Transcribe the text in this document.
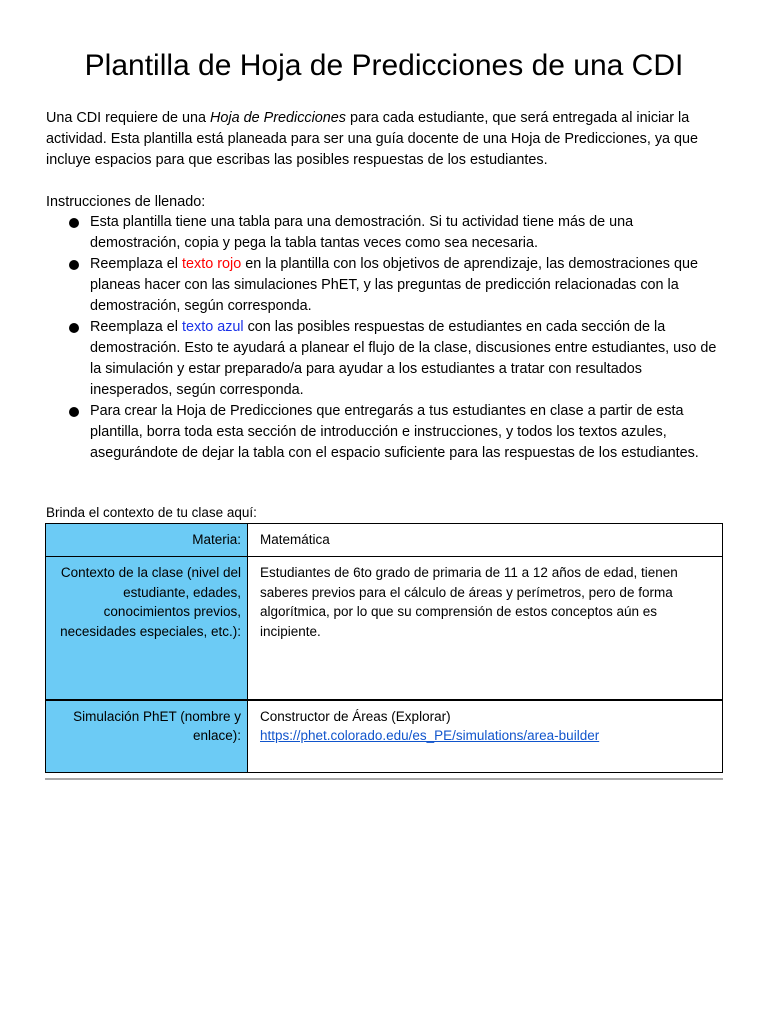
Plantilla de Hoja de Predicciones de una CDI
Una CDI requiere de una Hoja de Predicciones para cada estudiante, que será entregada al iniciar la actividad. Esta plantilla está planeada para ser una guía docente de una Hoja de Predicciones, ya que incluye espacios para que escribas las posibles respuestas de los estudiantes.
Instrucciones de llenado:
Esta plantilla tiene una tabla para una demostración. Si tu actividad tiene más de una demostración, copia y pega la tabla tantas veces como sea necesaria.
Reemplaza el texto rojo en la plantilla con los objetivos de aprendizaje, las demostraciones que planeas hacer con las simulaciones PhET, y las preguntas de predicción relacionadas con la demostración, según corresponda.
Reemplaza el texto azul con las posibles respuestas de estudiantes en cada sección de la demostración. Esto te ayudará a planear el flujo de la clase, discusiones entre estudiantes, uso de la simulación y estar preparado/a para ayudar a los estudiantes a tratar con resultados inesperados, según corresponda.
Para crear la Hoja de Predicciones que entregarás a tus estudiantes en clase a partir de esta plantilla, borra toda esta sección de introducción e instrucciones, y todos los textos azules, asegurándote de dejar la tabla con el espacio suficiente para las respuestas de los estudiantes.
Brinda el contexto de tu clase aquí:
Materia:	Matemática
Contexto de la clase (nivel del estudiante, edades, conocimientos previos, necesidades especiales, etc.):	Estudiantes de 6to grado de primaria de 11 a 12 años de edad, tienen saberes previos para el cálculo de áreas y perímetros, pero de forma algorítmica, por lo que su comprensión de estos conceptos aún es incipiente.
Simulación PhET (nombre y enlace):	Constructor de Áreas (Explorar)
https://phet.colorado.edu/es_PE/simulations/area-builder
